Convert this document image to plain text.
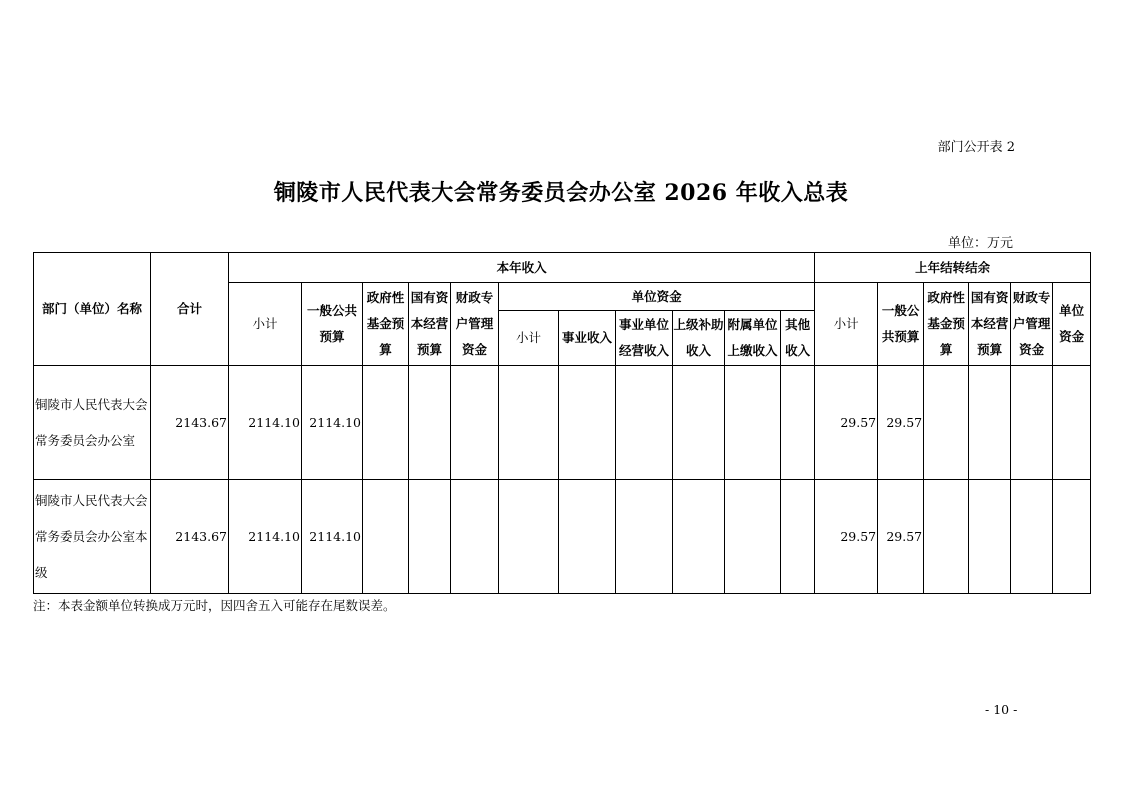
部门公开表 2
铜陵市人民代表大会常务委员会办公室 2026 年收入总表
单位：万元
部门（单位）名称	合计	本年收入											上年结转结余					
		小计	一般公共预算	政府性基金预算	国有资本经营预算	财政专户管理资金	单位资金						小计	一般公共预算	政府性基金预算	国有资本经营预算	财政专户管理资金	单位资金
							小计	事业收入	事业单位经营收入	上级补助收入	附属单位上缴收入	其他收入						
铜陵市人民代表大会常务委员会办公室	2143.67	2114.10	2114.10										29.57	29.57				
铜陵市人民代表大会常务委员会办公室本级	2143.67	2114.10	2114.10										29.57	29.57				
注：本表金额单位转换成万元时，因四舍五入可能存在尾数误差。
- 10 -
